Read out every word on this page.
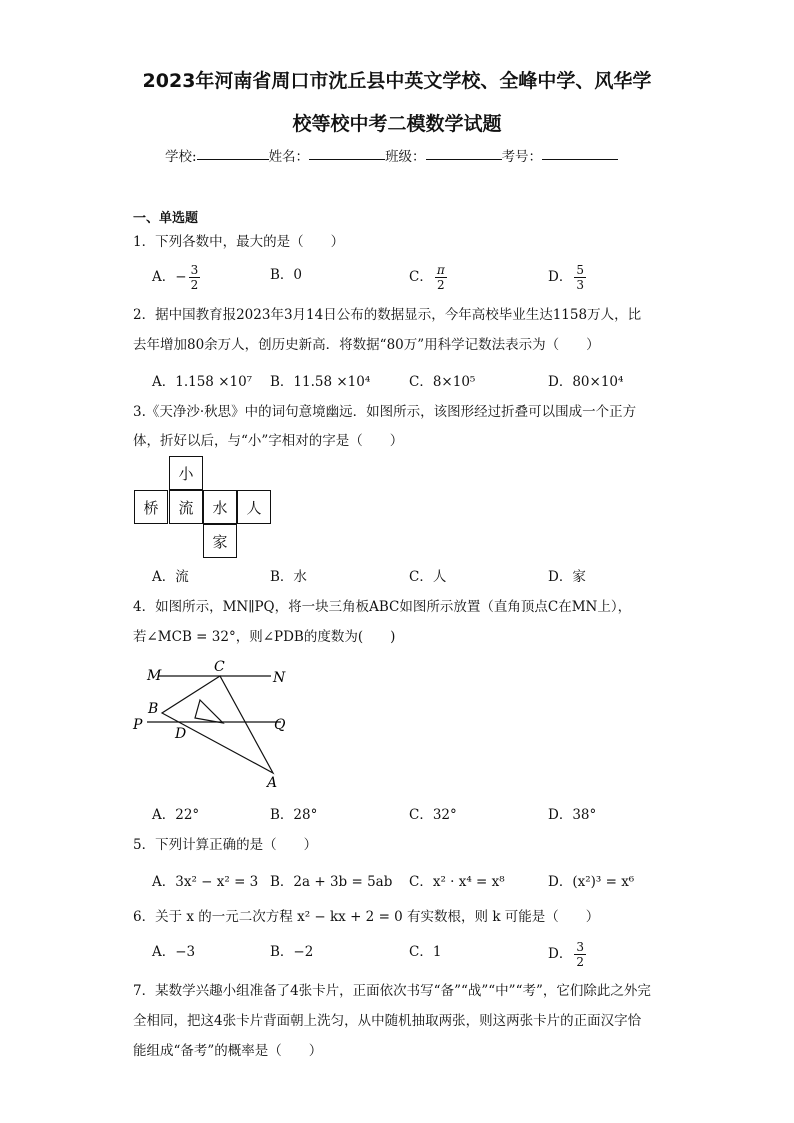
2023年河南省周口市沈丘县中英文学校、全峰中学、风华学
校等校中考二模数学试题
学校:	姓名：	班级：	考号：
一、单选题
1．下列各数中，最大的是（　　）
A．− $\frac{3}{2}$	B．0	C． $\frac{\pi}{2}$	D． $\frac{5}{3}$
2．据中国教育报2023年3月14日公布的数据显示，今年高校毕业生达1158万人，比
去年增加80余万人，创历史新高．将数据“80万”用科学记数法表示为（　　）
A．1.158 ×10⁷ B．11.58 ×10⁴	C．8×10⁵	D．80×10⁴
3.《天净沙·秋思》中的词句意境幽远．如图所示，该图形经过折叠可以围成一个正方
体，折好以后，与“小”字相对的字是（　　）
小
桥	流	水	人
家
A．流	B．水	C．人	D．家
4．如图所示，MN∥PQ，将一块三角板ABC如图所示放置（直角顶点C在MN上），
若∠MCB = 32°，则∠PDB的度数为(　　)
M
C
N
B
P
D
Q
A
A．22°	B．28°	C．32°	D．38°
5．下列计算正确的是（　　）
A．3x² − x² = 3 B．2a + 3b = 5ab C．x² · x⁴ = x⁸	D．(x²)³ = x⁶
6．关于 x 的一元二次方程 x² − kx + 2 = 0 有实数根，则 k 可能是（　　）
A．−3	B．−2	C．1	D． $\frac{3}{2}$
7．某数学兴趣小组准备了4张卡片，正面依次书写“备”“战”“中”“考”，它们除此之外完
全相同，把这4张卡片背面朝上洗匀，从中随机抽取两张，则这两张卡片的正面汉字恰
能组成“备考”的概率是（　　）
